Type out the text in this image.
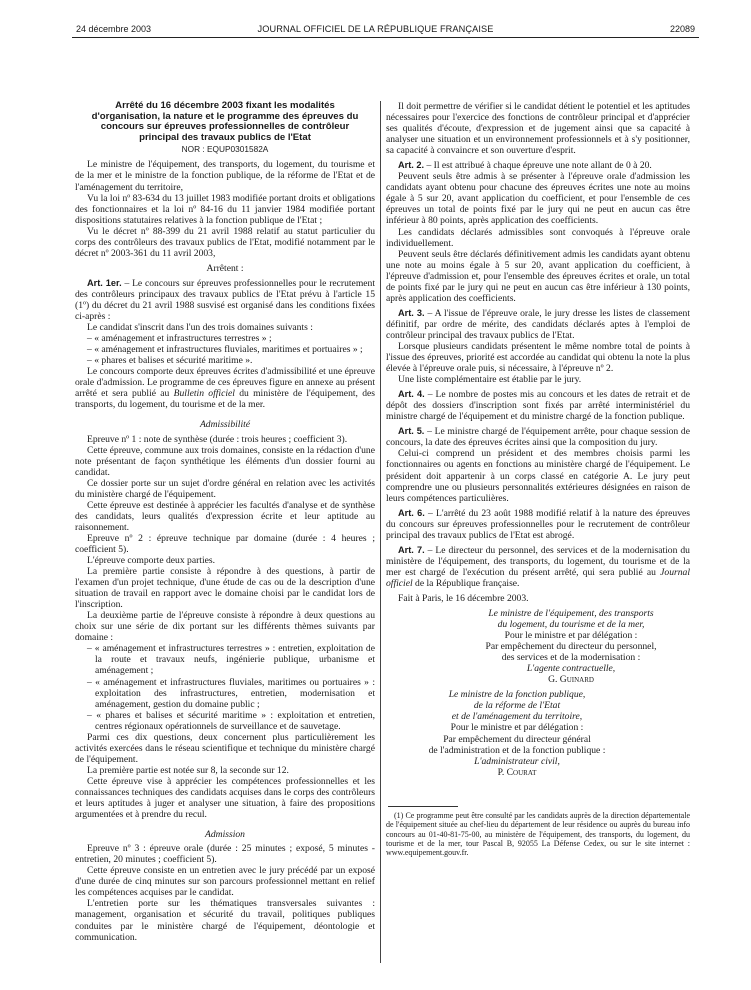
24 décembre 2003	JOURNAL OFFICIEL DE LA RÉPUBLIQUE FRANÇAISE	22089

Arrêté du 16 décembre 2003 fixant les modalités d'organisation, la nature et le programme des épreuves du concours sur épreuves professionnelles de contrôleur principal des travaux publics de l'Etat

NOR : EQUP0301582A

Le ministre de l'équipement, des transports, du logement, du tourisme et de la mer et le ministre de la fonction publique, de la réforme de l'Etat et de l'aménagement du territoire,

Vu la loi nº 83-634 du 13 juillet 1983 modifiée portant droits et obligations des fonctionnaires et la loi nº 84-16 du 11 janvier 1984 modifiée portant dispositions statutaires relatives à la fonction publique de l'Etat ;

Vu le décret nº 88-399 du 21 avril 1988 relatif au statut particulier du corps des contrôleurs des travaux publics de l'Etat, modifié notamment par le décret nº 2003-361 du 11 avril 2003,

Arrêtent :

Art. 1er. – Le concours sur épreuves professionnelles pour le recrutement des contrôleurs principaux des travaux publics de l'Etat prévu à l'article 15 (1º) du décret du 21 avril 1988 susvisé est organisé dans les conditions fixées ci-après :

Le candidat s'inscrit dans l'un des trois domaines suivants :

– « aménagement et infrastructures terrestres » ;

– « aménagement et infrastructures fluviales, maritimes et portuaires » ;

– « phares et balises et sécurité maritime ».

Le concours comporte deux épreuves écrites d'admissibilité et une épreuve orale d'admission. Le programme de ces épreuves figure en annexe au présent arrêté et sera publié au Bulletin officiel du ministère de l'équipement, des transports, du logement, du tourisme et de la mer.

Admissibilité

Epreuve nº 1 : note de synthèse (durée : trois heures ; coefficient 3).

Cette épreuve, commune aux trois domaines, consiste en la rédaction d'une note présentant de façon synthétique les éléments d'un dossier fourni au candidat.

Ce dossier porte sur un sujet d'ordre général en relation avec les activités du ministère chargé de l'équipement.

Cette épreuve est destinée à apprécier les facultés d'analyse et de synthèse des candidats, leurs qualités d'expression écrite et leur aptitude au raisonnement.

Epreuve nº 2 : épreuve technique par domaine (durée : 4 heures ; coefficient 5).

L'épreuve comporte deux parties.

La première partie consiste à répondre à des questions, à partir de l'examen d'un projet technique, d'une étude de cas ou de la description d'une situation de travail en rapport avec le domaine choisi par le candidat lors de l'inscription.

La deuxième partie de l'épreuve consiste à répondre à deux questions au choix sur une série de dix portant sur les différents thèmes suivants par domaine :

– « aménagement et infrastructures terrestres » : entretien, exploitation de la route et travaux neufs, ingénierie publique, urbanisme et aménagement ;

– « aménagement et infrastructures fluviales, maritimes ou portuaires » : exploitation des infrastructures, entretien, modernisation et aménagement, gestion du domaine public ;

– « phares et balises et sécurité maritime » : exploitation et entretien, centres régionaux opérationnels de surveillance et de sauvetage.

Parmi ces dix questions, deux concernent plus particulièrement les activités exercées dans le réseau scientifique et technique du ministère chargé de l'équipement.

La première partie est notée sur 8, la seconde sur 12.

Cette épreuve vise à apprécier les compétences professionnelles et les connaissances techniques des candidats acquises dans le corps des contrôleurs et leurs aptitudes à juger et analyser une situation, à faire des propositions argumentées et à prendre du recul.

Admission

Epreuve nº 3 : épreuve orale (durée : 25 minutes ; exposé, 5 minutes - entretien, 20 minutes ; coefficient 5).

Cette épreuve consiste en un entretien avec le jury précédé par un exposé d'une durée de cinq minutes sur son parcours professionnel mettant en relief les compétences acquises par le candidat.

L'entretien porte sur les thématiques transversales suivantes : management, organisation et sécurité du travail, politiques publiques conduites par le ministère chargé de l'équipement, déontologie et communication.

Il doit permettre de vérifier si le candidat détient le potentiel et les aptitudes nécessaires pour l'exercice des fonctions de contrôleur principal et d'apprécier ses qualités d'écoute, d'expression et de jugement ainsi que sa capacité à analyser une situation et un environnement professionnels et à s'y positionner, sa capacité à convaincre et son ouverture d'esprit.

Art. 2. – Il est attribué à chaque épreuve une note allant de 0 à 20.

Peuvent seuls être admis à se présenter à l'épreuve orale d'admission les candidats ayant obtenu pour chacune des épreuves écrites une note au moins égale à 5 sur 20, avant application du coefficient, et pour l'ensemble de ces épreuves un total de points fixé par le jury qui ne peut en aucun cas être inférieur à 80 points, après application des coefficients.

Les candidats déclarés admissibles sont convoqués à l'épreuve orale individuellement.

Peuvent seuls être déclarés définitivement admis les candidats ayant obtenu une note au moins égale à 5 sur 20, avant application du coefficient, à l'épreuve d'admission et, pour l'ensemble des épreuves écrites et orale, un total de points fixé par le jury qui ne peut en aucun cas être inférieur à 130 points, après application des coefficients.

Art. 3. – A l'issue de l'épreuve orale, le jury dresse les listes de classement définitif, par ordre de mérite, des candidats déclarés aptes à l'emploi de contrôleur principal des travaux publics de l'Etat.

Lorsque plusieurs candidats présentent le même nombre total de points à l'issue des épreuves, priorité est accordée au candidat qui obtenu la note la plus élevée à l'épreuve orale puis, si nécessaire, à l'épreuve nº 2.

Une liste complémentaire est établie par le jury.

Art. 4. – Le nombre de postes mis au concours et les dates de retrait et de dépôt des dossiers d'inscription sont fixés par arrêté interministériel du ministre chargé de l'équipement et du ministre chargé de la fonction publique.

Art. 5. – Le ministre chargé de l'équipement arrête, pour chaque session de concours, la date des épreuves écrites ainsi que la composition du jury.

Celui-ci comprend un président et des membres choisis parmi les fonctionnaires ou agents en fonctions au ministère chargé de l'équipement. Le président doit appartenir à un corps classé en catégorie A. Le jury peut comprendre une ou plusieurs personnalités extérieures désignées en raison de leurs compétences particulières.

Art. 6. – L'arrêté du 23 août 1988 modifié relatif à la nature des épreuves du concours sur épreuves professionnelles pour le recrutement de contrôleur principal des travaux publics de l'Etat est abrogé.

Art. 7. – Le directeur du personnel, des services et de la modernisation du ministère de l'équipement, des transports, du logement, du tourisme et de la mer est chargé de l'exécution du présent arrêté, qui sera publié au Journal officiel de la République française.

Fait à Paris, le 16 décembre 2003.

Le ministre de l'équipement, des transports

du logement, du tourisme et de la mer,

Pour le ministre et par délégation :

Par empêchement du directeur du personnel,

des services et de la modernisation :

L'agente contractuelle,

G. Guinard

Le ministre de la fonction publique,

de la réforme de l'Etat

et de l'aménagement du territoire,

Pour le ministre et par délégation :

Par empêchement du directeur général

de l'administration et de la fonction publique :

L'administrateur civil,

P. Courat

(1) Ce programme peut être consulté par les candidats auprès de la direction départementale de l'équipement située au chef-lieu du département de leur résidence ou auprès du bureau info concours au 01-40-81-75-00, au ministère de l'équipement, des transports, du logement, du tourisme et de la mer, tour Pascal B, 92055 La Défense Cedex, ou sur le site internet : www.equipement.gouv.fr.
